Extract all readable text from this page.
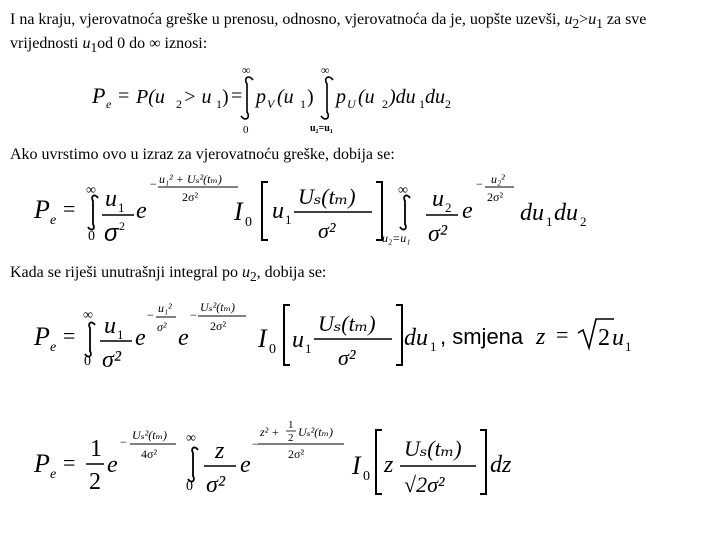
I na kraju, vjerovatnoća greške u prenosu, odnosno, vjerovatnoća da je, uopšte uzevši, $u_2>u_1$ za sve vrijednosti $u_1od$ 0 do ∞ iznosi:

P e = P(u 2 > u 1 ) =
∞
0
p V (u 1 )
∞
u₂=u₁
p U (u 2 )du 1 du 2

Ako uvrstimo ovo u izraz za vjerovatnoću greške, dobija se:

P e =
∞
0
u 1
σ 2
e
− u₁² + Uₛ²(tₘ)
2σ² I 0 u 1
Uₛ(tₘ)
σ²	u₂=u₁
∞ u 2
σ²
e
− u₂²
2σ²
du 1 du 2

Kada se riješi unutrašnji integral po $u_2$, dobija se:

P e =
∞
0
u 1
σ²
e
− u₁²
σ² e
−
Uₛ²(tₘ)
2σ² I 0 u 1
Uₛ(tₘ)
σ²
du 1 , smjena z = 2 u 1
P e =
1
2
e
− Uₛ²(tₘ)
4σ²
∞
0
z
σ²
e
−
z² + 1
2 Uₛ²(tₘ)
2σ² I 0 z
Uₛ(tₘ)
√2σ²
dz
